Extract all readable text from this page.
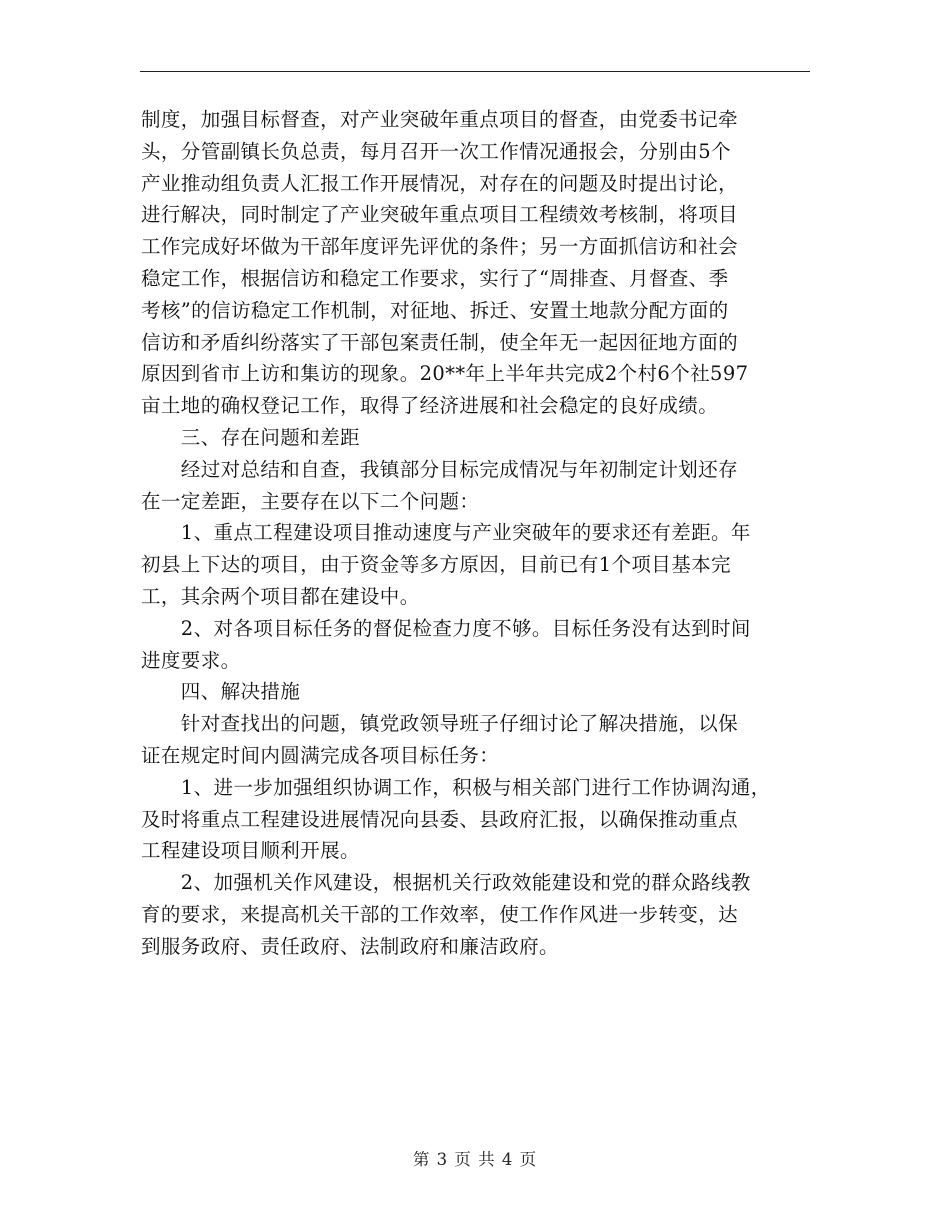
制度，加强目标督查，对产业突破年重点项目的督查，由党委书记牵
头，分管副镇长负总责，每月召开一次工作情况通报会，分别由5个
产业推动组负责人汇报工作开展情况，对存在的问题及时提出讨论，
进行解决，同时制定了产业突破年重点项目工程绩效考核制，将项目
工作完成好坏做为干部年度评先评优的条件；另一方面抓信访和社会
稳定工作，根据信访和稳定工作要求，实行了“周排查、月督查、季
考核”的信访稳定工作机制，对征地、拆迁、安置土地款分配方面的
信访和矛盾纠纷落实了干部包案责任制，使全年无一起因征地方面的
原因到省市上访和集访的现象。20**年上半年共完成2个村6个社597
亩土地的确权登记工作，取得了经济进展和社会稳定的良好成绩。
　　三、存在问题和差距
　　经过对总结和自查，我镇部分目标完成情况与年初制定计划还存
在一定差距，主要存在以下二个问题：
　　1、重点工程建设项目推动速度与产业突破年的要求还有差距。年
初县上下达的项目，由于资金等多方原因，目前已有1个项目基本完
工，其余两个项目都在建设中。
　　2、对各项目标任务的督促检查力度不够。目标任务没有达到时间
进度要求。
　　四、解决措施
　　针对查找出的问题，镇党政领导班子仔细讨论了解决措施，以保
证在规定时间内圆满完成各项目标任务：
　　1、进一步加强组织协调工作，积极与相关部门进行工作协调沟通，
及时将重点工程建设进展情况向县委、县政府汇报，以确保推动重点
工程建设项目顺利开展。
　　2、加强机关作风建设，根据机关行政效能建设和党的群众路线教
育的要求，来提高机关干部的工作效率，使工作作风进一步转变，达
到服务政府、责任政府、法制政府和廉洁政府。
第 3 页 共 4 页
